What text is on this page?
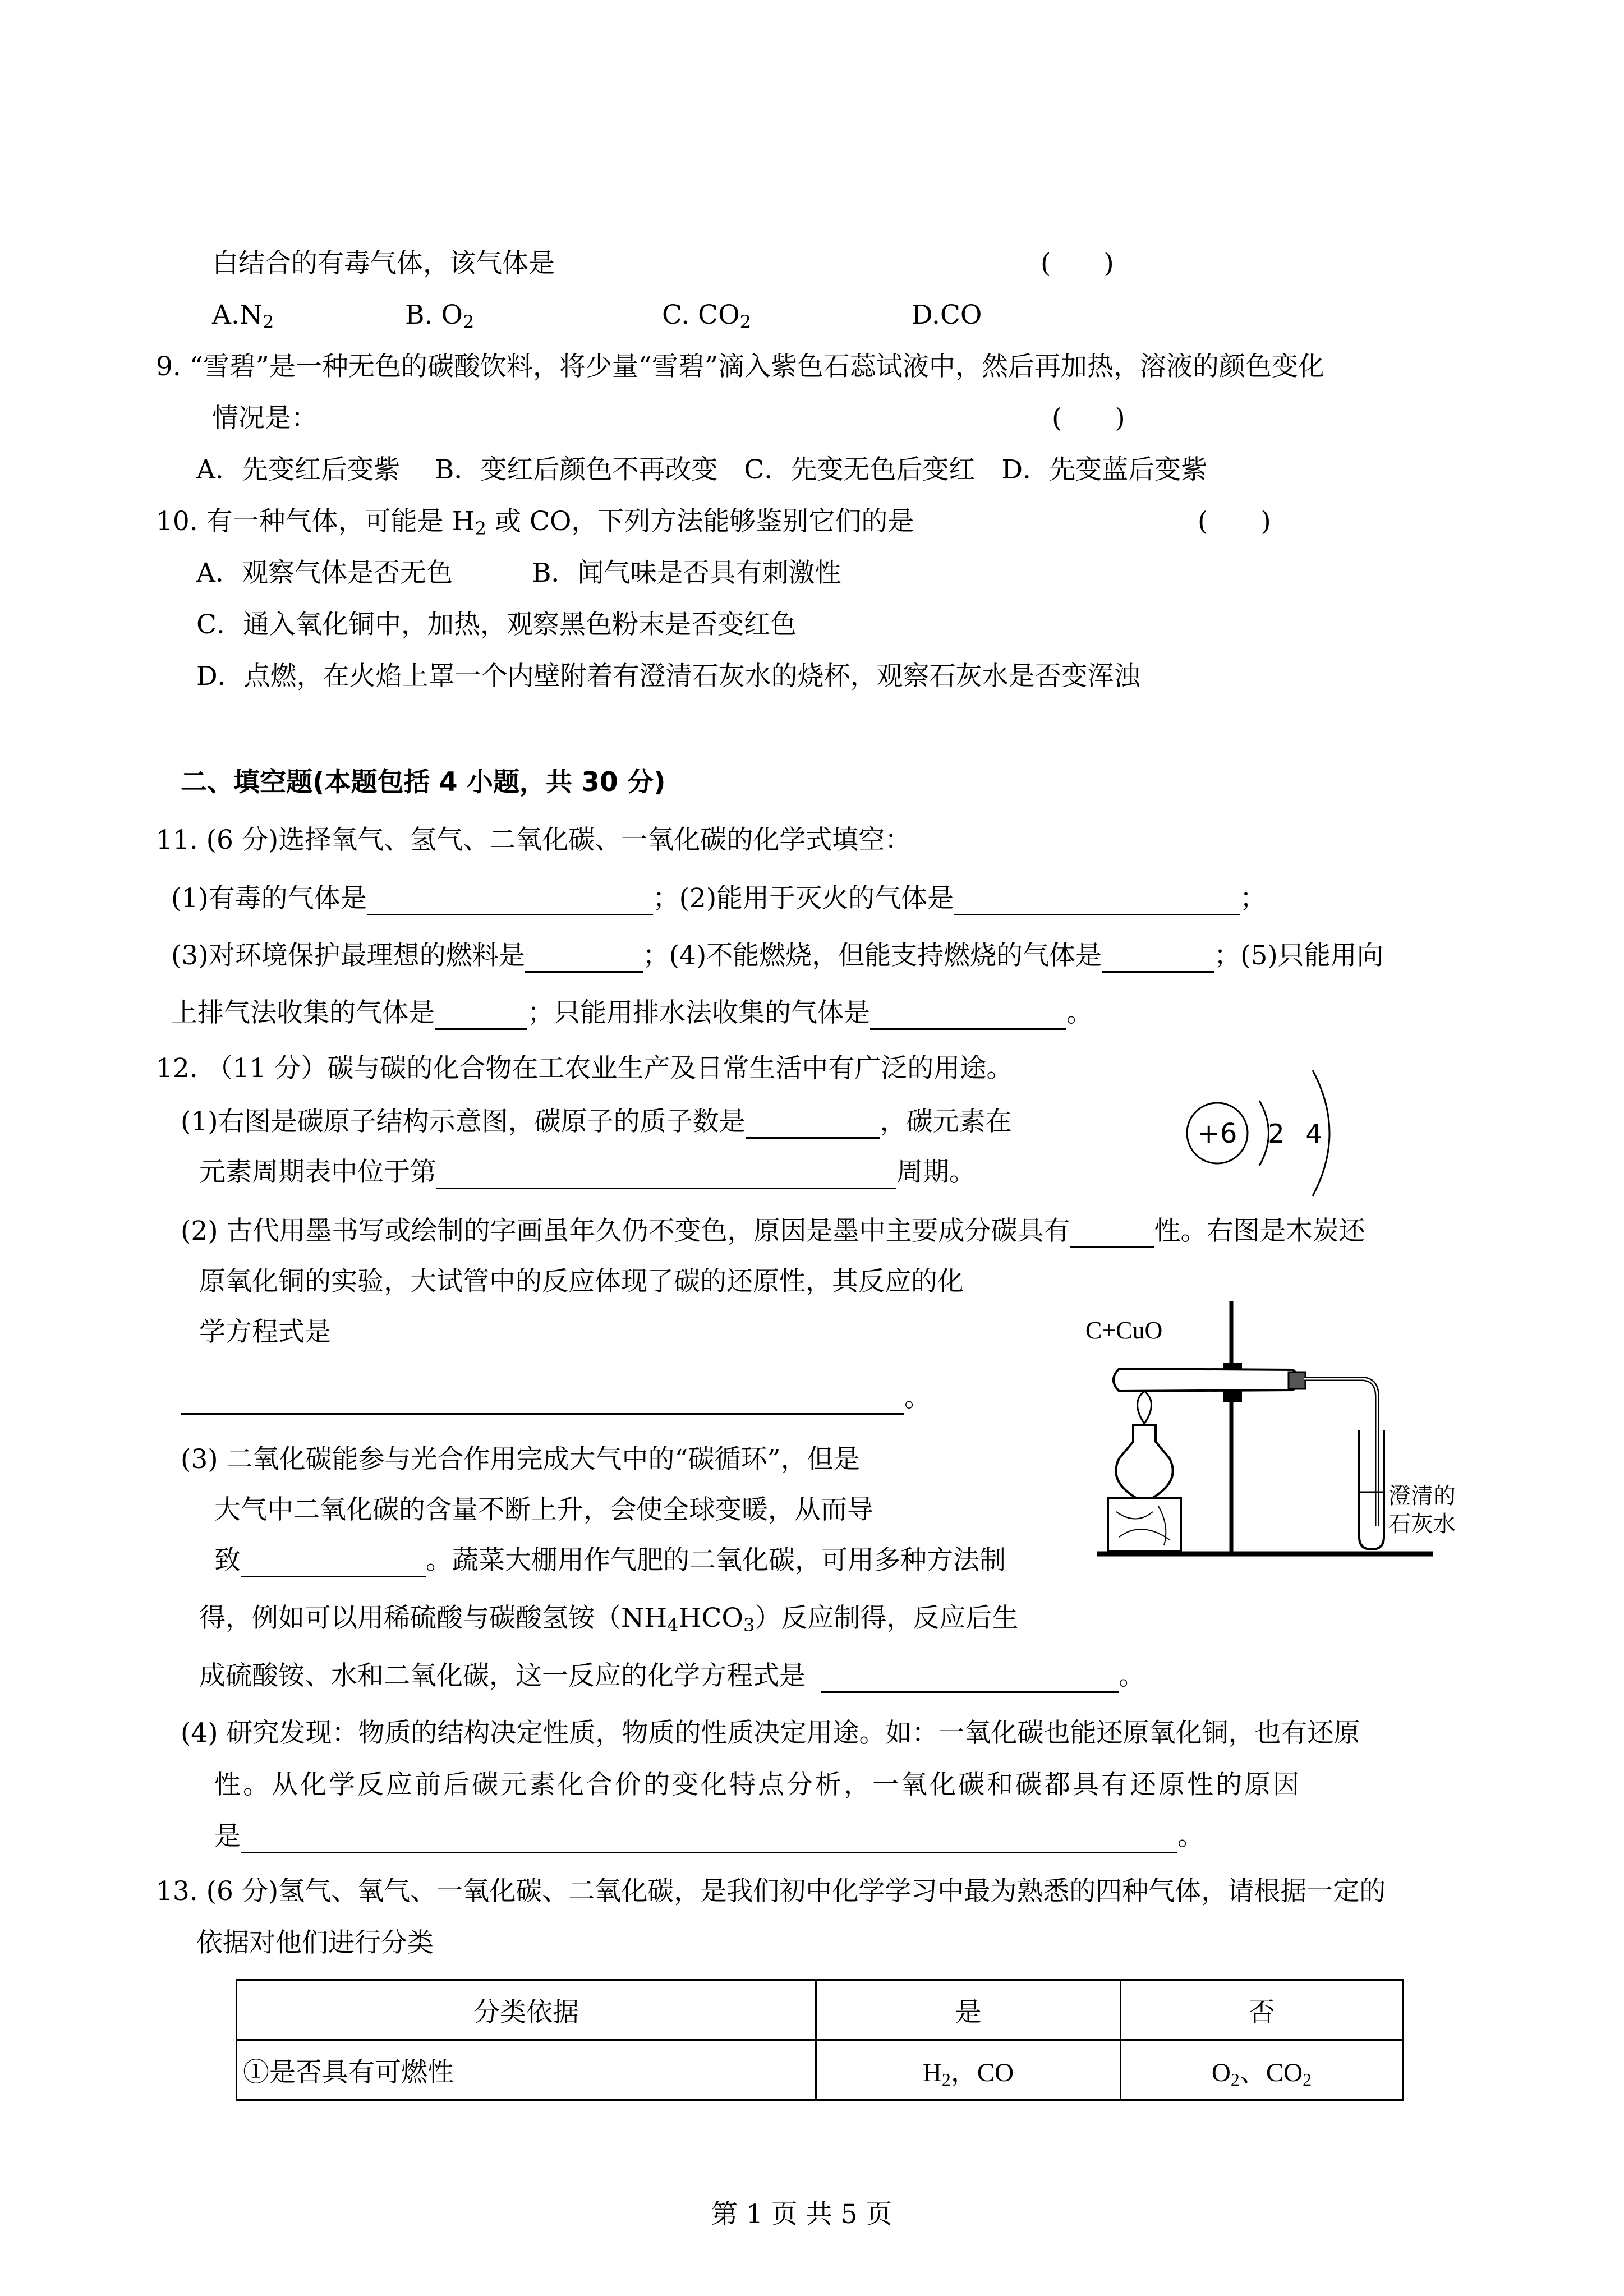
白结合的有毒气体，该气体是	(　　)
$A.N_2$	B. $O_2$	C. $CO_2$	D.CO
9. “雪碧”是一种无色的碳酸饮料，将少量“雪碧”滴入紫色石蕊试液中，然后再加热，溶液的颜色变化
情况是：	(　　)
A．先变红后变紫　 B．变红后颜色不再改变　C．先变无色后变红　D．先变蓝后变紫
10. 有一种气体，可能是 $H_2$ 或 CO，下列方法能够鉴别它们的是	(　　)
A．观察气体是否无色　　　B．闻气味是否具有刺激性
C．通入氧化铜中，加热，观察黑色粉末是否变红色
D．点燃，在火焰上罩一个内壁附着有澄清石灰水的烧杯，观察石灰水是否变浑浊
二、填空题(本题包括 4 小题，共 30 分)
11. (6 分)选择氧气、氢气、二氧化碳、一氧化碳的化学式填空：
(1)有毒的气体是	；(2)能用于灭火的气体是	；
(3)对环境保护最理想的燃料是	；(4)不能燃烧，但能支持燃烧的气体是	；(5)只能用向
上排气法收集的气体是	；只能用排水法收集的气体是	。
12. （11 分）碳与碳的化合物在工农业生产及日常生活中有广泛的用途。
(1)右图是碳原子结构示意图，碳原子的质子数是	，碳元素在
元素周期表中位于第	周期。
+6 2 4
(2) 古代用墨书写或绘制的字画虽年久仍不变色，原因是墨中主要成分碳具有	性。右图是木炭还
原氧化铜的实验，大试管中的反应体现了碳的还原性，其反应的化
学方程式是
。
C+CuO
澄清的
石灰水
(3) 二氧化碳能参与光合作用完成大气中的“碳循环”，但是
大气中二氧化碳的含量不断上升，会使全球变暖，从而导
致	。蔬菜大棚用作气肥的二氧化碳，可用多种方法制
得，例如可以用稀硫酸与碳酸氢铵$(NH_4HCO_3)$反应制得，反应后生
成硫酸铵、水和二氧化碳，这一反应的化学方程式是	。
(4) 研究发现：物质的结构决定性质，物质的性质决定用途。如：一氧化碳也能还原氧化铜，也有还原
性。从化学反应前后碳元素化合价的变化特点分析，一氧化碳和碳都具有还原性的原因
是	。
13. (6 分)氢气、氧气、一氧化碳、二氧化碳，是我们初中化学学习中最为熟悉的四种气体，请根据一定的
依据对他们进行分类
分类依据	是	否
①是否具有可燃性	$H_2$，CO	$O_2$、$CO_2$
第 1 页 共 5 页
